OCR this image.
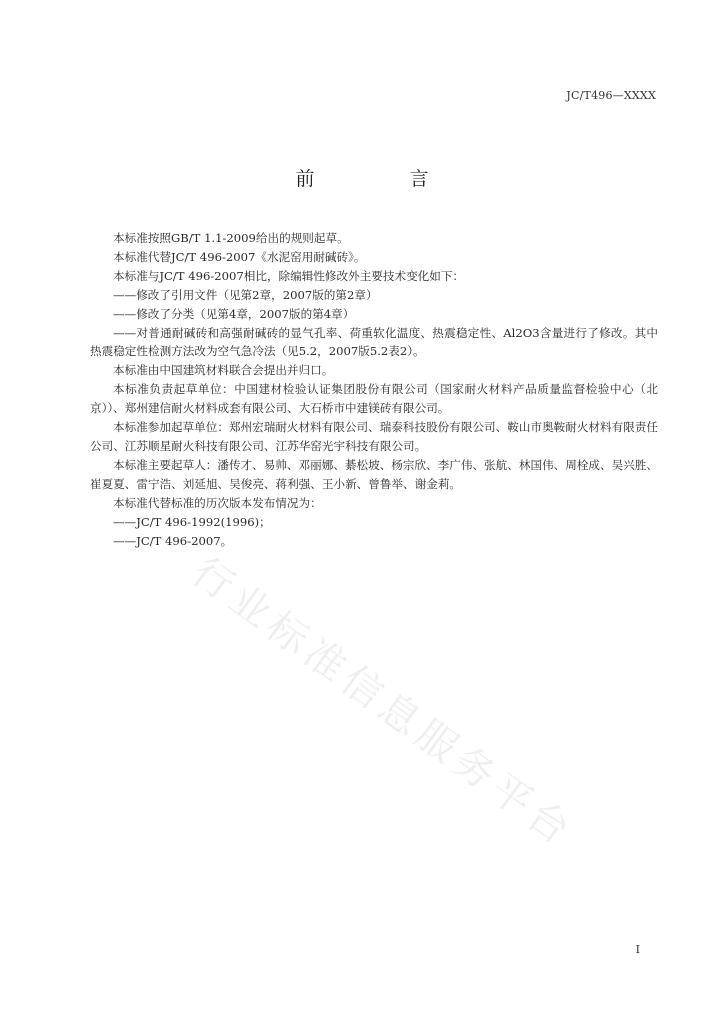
JC/T496—XXXX
前　言

本标准按照GB/T 1.1-2009给出的规则起草。

本标准代替JC/T 496-2007《水泥窑用耐碱砖》。

本标准与JC/T 496-2007相比，除编辑性修改外主要技术变化如下：

——修改了引用文件（见第2章，2007版的第2章）

——修改了分类（见第4章，2007版的第4章）

——对普通耐碱砖和高强耐碱砖的显气孔率、荷重软化温度、热震稳定性、Al2O3含量进行了修改。其中热震稳定性检测方法改为空气急冷法（见5.2，2007版5.2表2）。

本标准由中国建筑材料联合会提出并归口。

本标准负责起草单位：中国建材检验认证集团股份有限公司（国家耐火材料产品质量监督检验中心（北京））、郑州建信耐火材料成套有限公司、大石桥市中建镁砖有限公司。

本标准参加起草单位：郑州宏瑞耐火材料有限公司、瑞泰科技股份有限公司、鞍山市奥鞍耐火材料有限责任公司、江苏顺星耐火科技有限公司、江苏华窑光宇科技有限公司。

本标准主要起草人：潘传才、易帅、邓丽娜、綦松坡、杨宗欣、李广伟、张航、林国伟、周栓成、吴兴胜、崔夏夏、雷宁浩、刘延旭、吴俊亮、蒋利强、王小新、曾鲁举、谢金莉。

本标准代替标准的历次版本发布情况为：

——JC/T 496-1992(1996)；

——JC/T 496-2007。

行业标准信息服务平台
I
